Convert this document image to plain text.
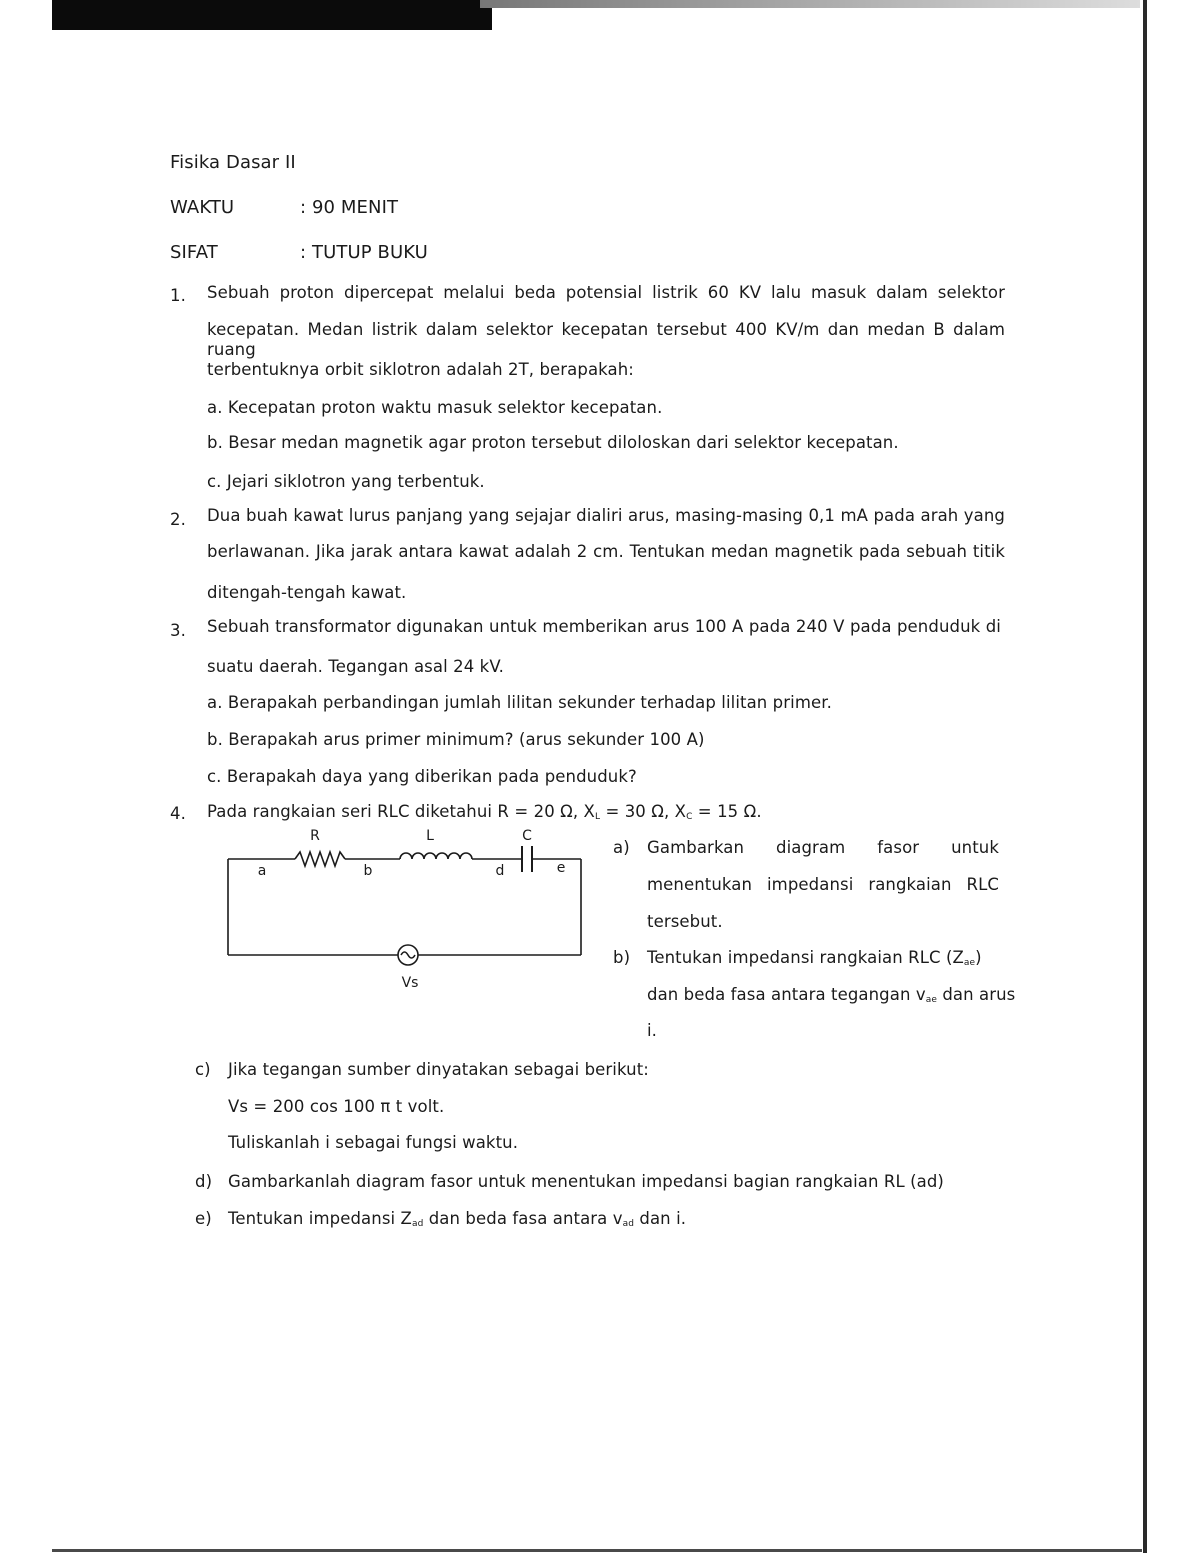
Fisika Dasar II
WAKTU	: 90 MENIT
SIFAT	: TUTUP BUKU
1. Sebuah proton dipercepat melalui beda potensial listrik 60 KV lalu masuk dalam selektor
kecepatan. Medan listrik dalam selektor kecepatan tersebut 400 KV/m dan medan B dalam ruang
terbentuknya orbit siklotron adalah 2T, berapakah:
a. Kecepatan proton waktu masuk selektor kecepatan.
b. Besar medan magnetik agar proton tersebut diloloskan dari selektor kecepatan.
c. Jejari siklotron yang terbentuk.
2. Dua buah kawat lurus panjang yang sejajar dialiri arus, masing-masing 0,1 mA pada arah yang
berlawanan. Jika jarak antara kawat adalah 2 cm. Tentukan medan magnetik pada sebuah titik
ditengah-tengah kawat.
3. Sebuah transformator digunakan untuk memberikan arus 100 A pada 240 V pada penduduk di
suatu daerah. Tegangan asal 24 kV.
a. Berapakah perbandingan jumlah lilitan sekunder terhadap lilitan primer.
b. Berapakah arus primer minimum? (arus sekunder 100 A)
c. Berapakah daya yang diberikan pada penduduk?
4. Pada rangkaian seri RLC diketahui R = 20 Ω, $X_L = 30$ Ω, $X_C = 15$ Ω.
R	L	C
a	b	d	e
Vs
a) Gambarkan diagram fasor untuk
menentukan impedansi rangkaian RLC
tersebut.
b) Tentukan impedansi rangkaian RLC $(Z_{ae})$
dan beda fasa antara tegangan $v_{ae}$ dan arus
i.
c) Jika tegangan sumber dinyatakan sebagai berikut:
Vs = 200 cos 100 π t volt.
Tuliskanlah i sebagai fungsi waktu.
d) Gambarkanlah diagram fasor untuk menentukan impedansi bagian rangkaian RL (ad)
e) Tentukan impedansi $Z_{ad}$ dan beda fasa antara $v_{ad}$ dan i.
